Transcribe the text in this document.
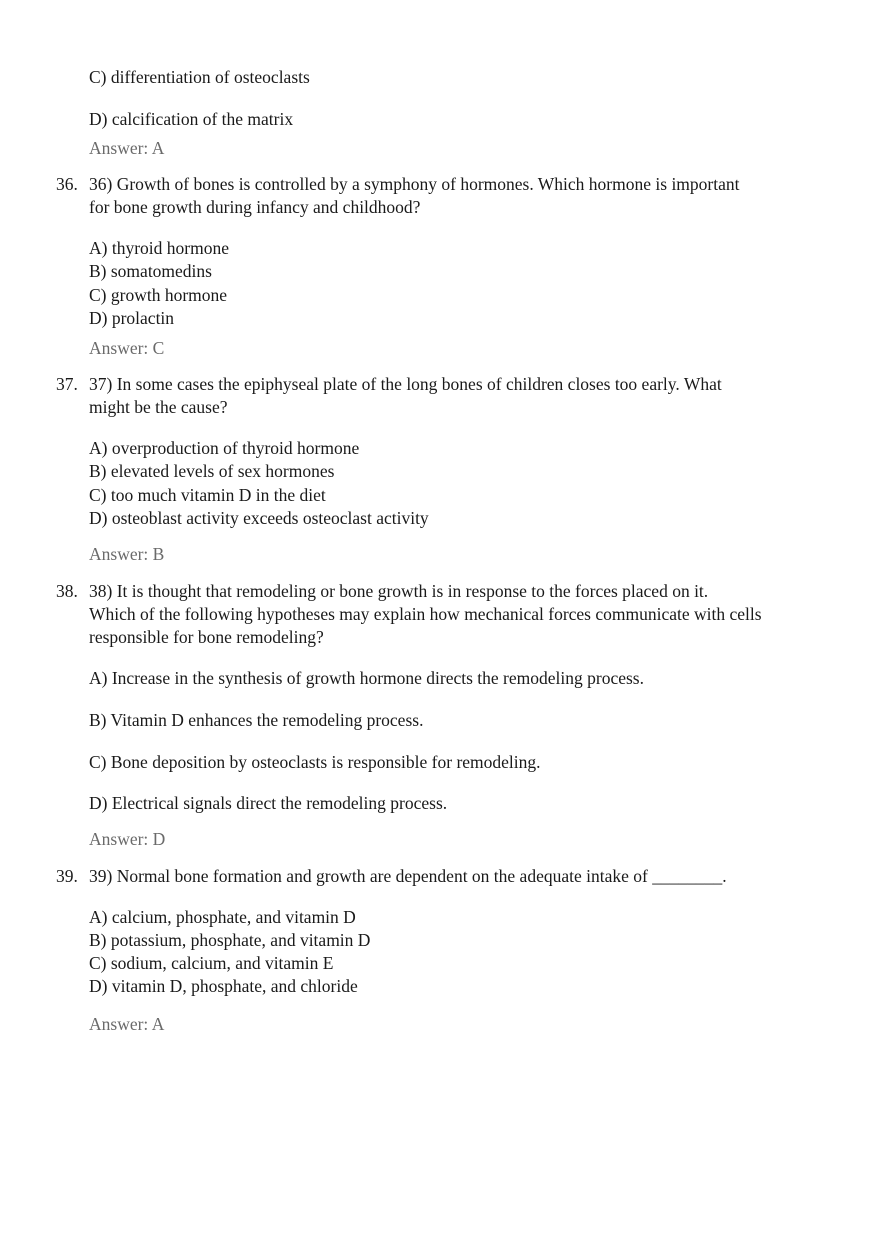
C) differentiation of osteoclasts
D) calcification of the matrix
Answer: A
36. 36) Growth of bones is controlled by a symphony of hormones. Which hormone is important
for bone growth during infancy and childhood?
A) thyroid hormone
B) somatomedins
C) growth hormone
D) prolactin
Answer: C
37. 37) In some cases the epiphyseal plate of the long bones of children closes too early. What
might be the cause?
A) overproduction of thyroid hormone
B) elevated levels of sex hormones
C) too much vitamin D in the diet
D) osteoblast activity exceeds osteoclast activity
Answer: B
38. 38) It is thought that remodeling or bone growth is in response to the forces placed on it.
Which of the following hypotheses may explain how mechanical forces communicate with cells
responsible for bone remodeling?
A) Increase in the synthesis of growth hormone directs the remodeling process.
B) Vitamin D enhances the remodeling process.
C) Bone deposition by osteoclasts is responsible for remodeling.
D) Electrical signals direct the remodeling process.
Answer: D
39. 39) Normal bone formation and growth are dependent on the adequate intake of ________.
A) calcium, phosphate, and vitamin D
B) potassium, phosphate, and vitamin D
C) sodium, calcium, and vitamin E
D) vitamin D, phosphate, and chloride
Answer: A
